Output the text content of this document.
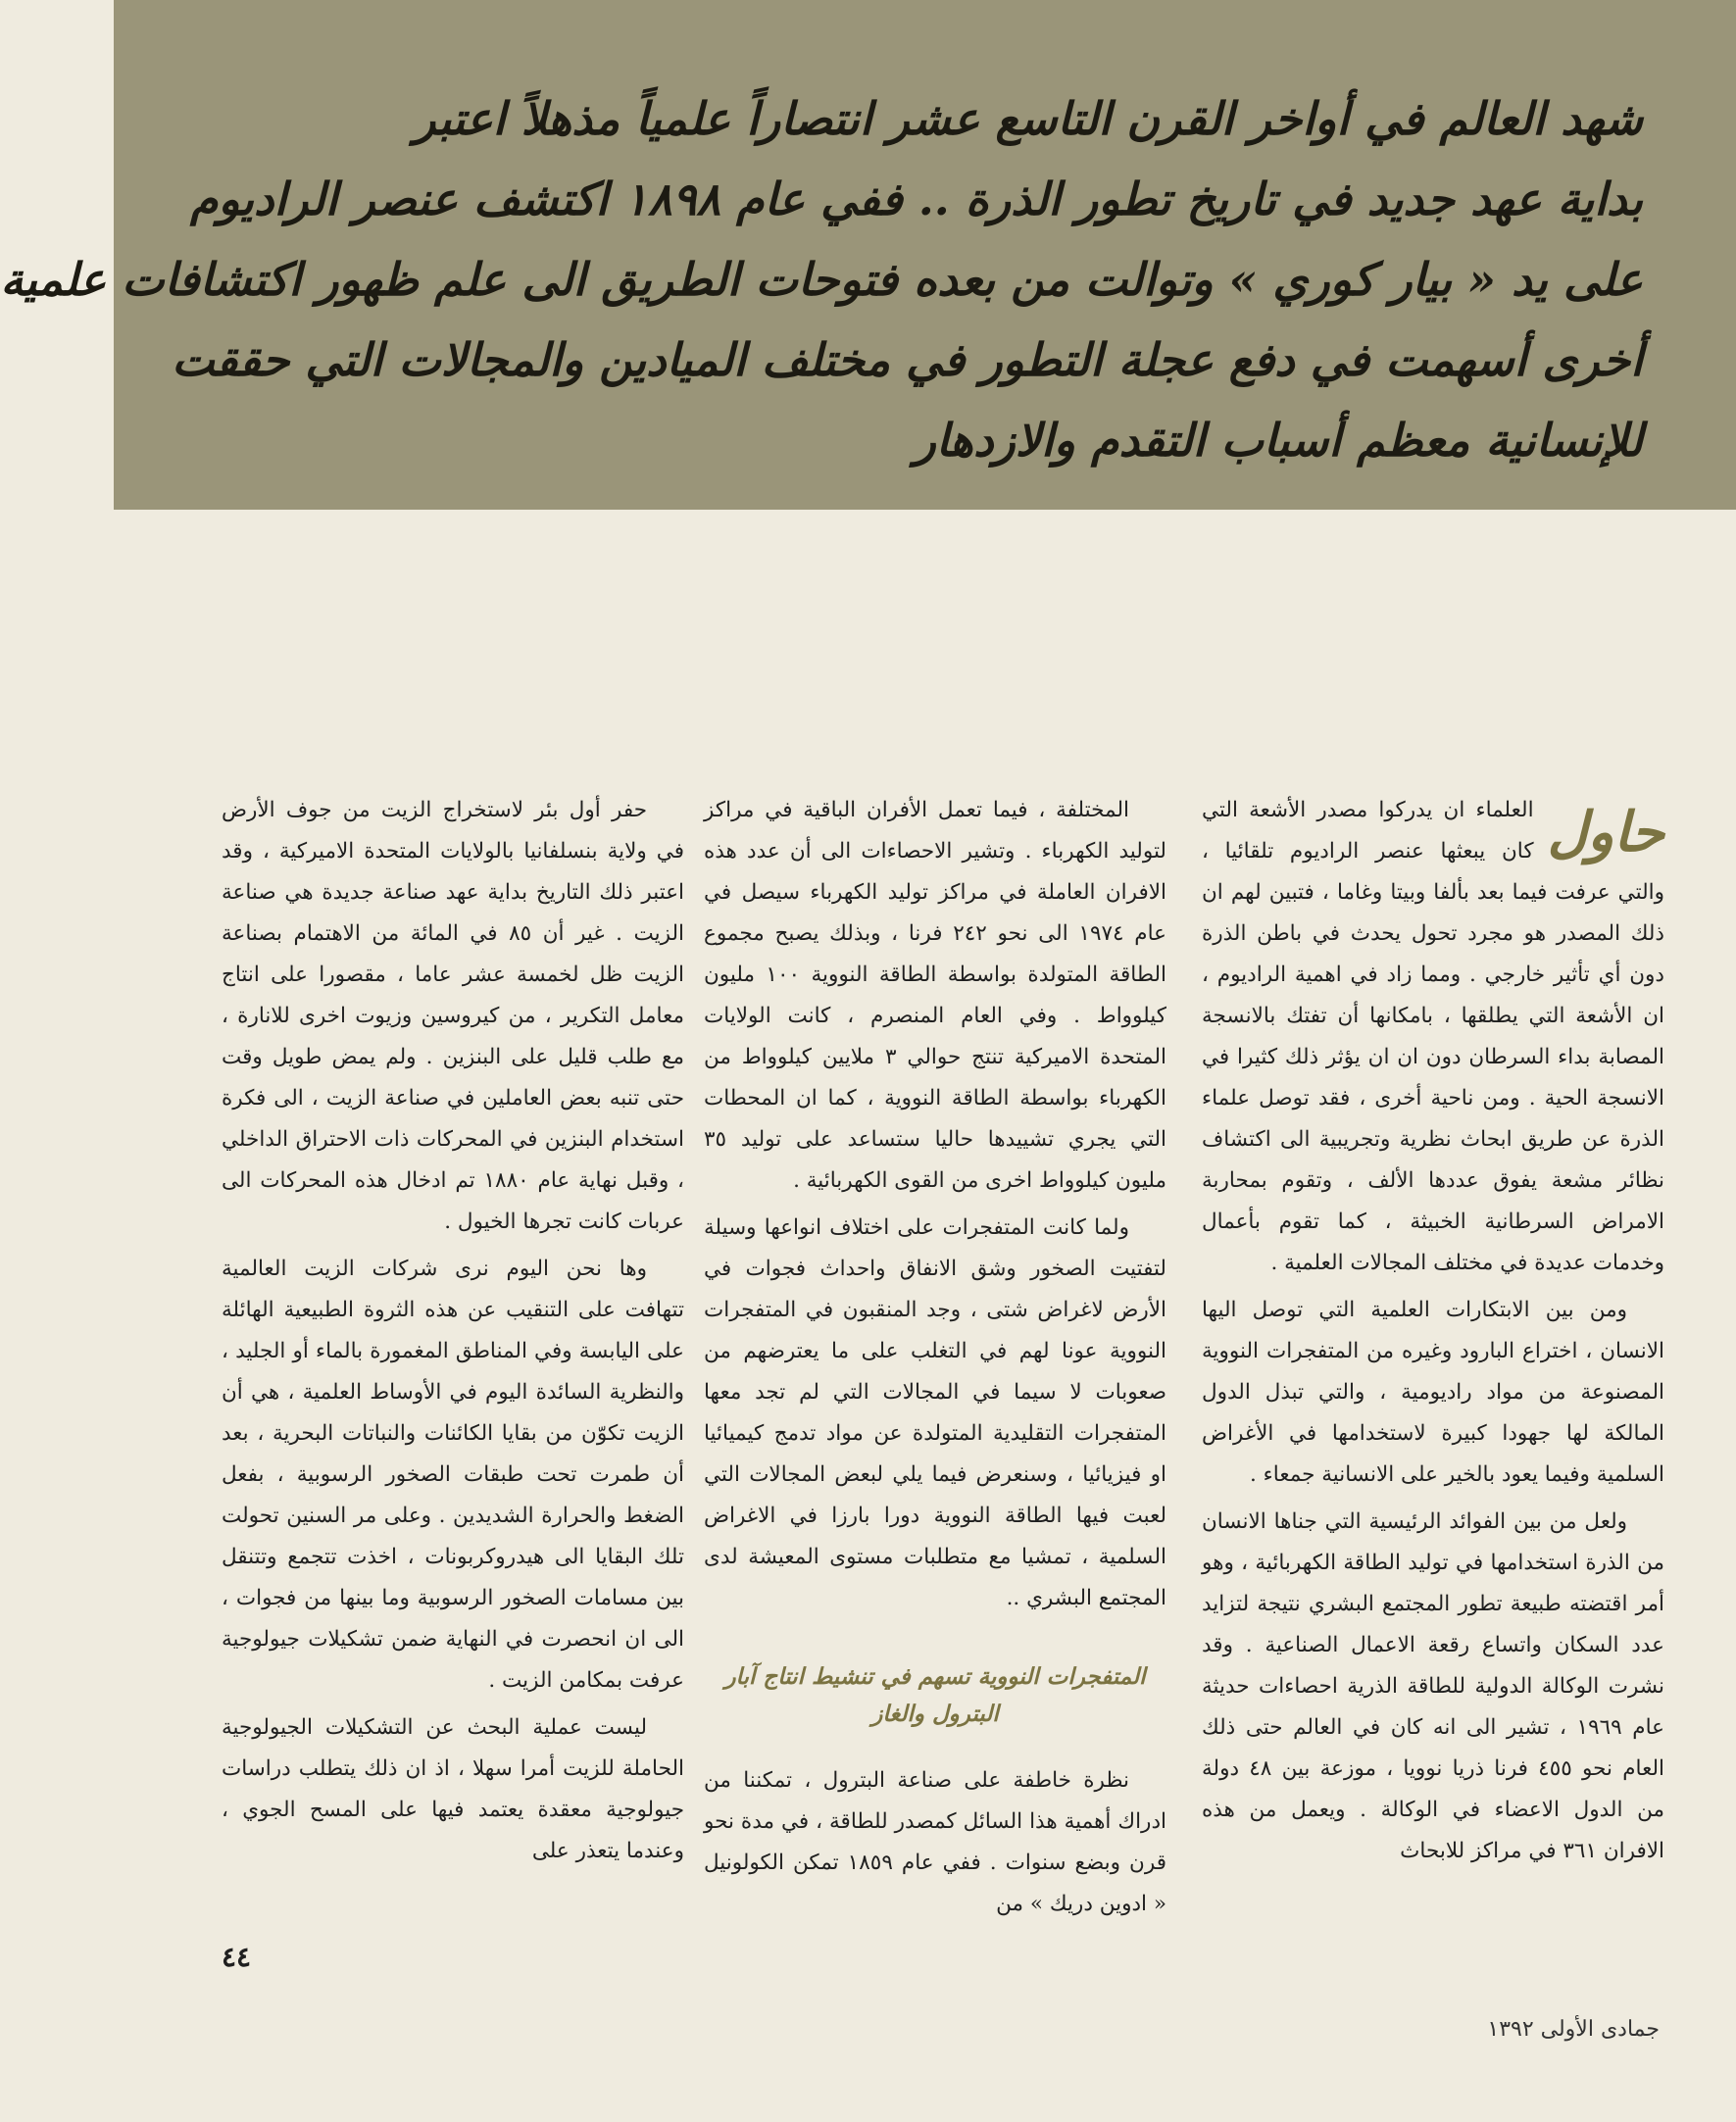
شهد العالم في أواخر القرن التاسع عشر انتصاراً علمياً مذهلاً اعتبر
بداية عهد جديد في تاريخ تطور الذرة .. ففي عام ١٨٩٨ اكتشف عنصر الراديوم
على يد « بيار كوري » وتوالت من بعده فتوحات الطريق الى علم ظهور اكتشافات علمية
أخرى أسهمت في دفع عجلة التطور في مختلف الميادين والمجالات التي حققت
للإنسانية معظم أسباب التقدم والازدهار
حاول

العلماء ان يدركوا مصدر الأشعة التي كان يبعثها عنصر الراديوم تلقائيا ، والتي عرفت فيما بعد بألفا وبيتا وغاما ، فتبين لهم ان ذلك المصدر هو مجرد تحول يحدث في باطن الذرة دون أي تأثير خارجي . ومما زاد في اهمية الراديوم ، ان الأشعة التي يطلقها ، بامكانها أن تفتك بالانسجة المصابة بداء السرطان دون ان ان يؤثر ذلك كثيرا في الانسجة الحية . ومن ناحية أخرى ، فقد توصل علماء الذرة عن طريق ابحاث نظرية وتجريبية الى اكتشاف نظائر مشعة يفوق عددها الألف ، وتقوم بمحاربة الامراض السرطانية الخبيثة ، كما تقوم بأعمال وخدمات عديدة في مختلف المجالات العلمية .

ومن بين الابتكارات العلمية التي توصل اليها الانسان ، اختراع البارود وغيره من المتفجرات النووية المصنوعة من مواد راديومية ، والتي تبذل الدول المالكة لها جهودا كبيرة لاستخدامها في الأغراض السلمية وفيما يعود بالخير على الانسانية جمعاء .

ولعل من بين الفوائد الرئيسية التي جناها الانسان من الذرة استخدامها في توليد الطاقة الكهربائية ، وهو أمر اقتضته طبيعة تطور المجتمع البشري نتيجة لتزايد عدد السكان واتساع رقعة الاعمال الصناعية . وقد نشرت الوكالة الدولية للطاقة الذرية احصاءات حديثة عام ١٩٦٩ ، تشير الى انه كان في العالم حتى ذلك العام نحو ٤٥٥ فرنا ذريا نوويا ، موزعة بين ٤٨ دولة من الدول الاعضاء في الوكالة . ويعمل من هذه الافران ٣٦١ في مراكز للابحاث

المختلفة ، فيما تعمل الأفران الباقية في مراكز لتوليد الكهرباء . وتشير الاحصاءات الى أن عدد هذه الافران العاملة في مراكز توليد الكهرباء سيصل في عام ١٩٧٤ الى نحو ٢٤٢ فرنا ، وبذلك يصبح مجموع الطاقة المتولدة بواسطة الطاقة النووية ١٠٠ مليون كيلوواط . وفي العام المنصرم ، كانت الولايات المتحدة الاميركية تنتج حوالي ٣ ملايين كيلوواط من الكهرباء بواسطة الطاقة النووية ، كما ان المحطات التي يجري تشييدها حاليا ستساعد على توليد ٣٥ مليون كيلوواط اخرى من القوى الكهربائية .

ولما كانت المتفجرات على اختلاف انواعها وسيلة لتفتيت الصخور وشق الانفاق واحداث فجوات في الأرض لاغراض شتى ، وجد المنقبون في المتفجرات النووية عونا لهم في التغلب على ما يعترضهم من صعوبات لا سيما في المجالات التي لم تجد معها المتفجرات التقليدية المتولدة عن مواد تدمج كيميائيا او فيزيائيا ، وسنعرض فيما يلي لبعض المجالات التي لعبت فيها الطاقة النووية دورا بارزا في الاغراض السلمية ، تمشيا مع متطلبات مستوى المعيشة لدى المجتمع البشري ..

المتفجرات النووية تسهم في تنشيط انتاج آبار البترول والغاز

نظرة خاطفة على صناعة البترول ، تمكننا من ادراك أهمية هذا السائل كمصدر للطاقة ، في مدة نحو قرن وبضع سنوات . ففي عام ١٨٥٩ تمكن الكولونيل « ادوين دريك » من

حفر أول بئر لاستخراج الزيت من جوف الأرض في ولاية بنسلفانيا بالولايات المتحدة الاميركية ، وقد اعتبر ذلك التاريخ بداية عهد صناعة جديدة هي صناعة الزيت . غير أن ٨٥ في المائة من الاهتمام بصناعة الزيت ظل لخمسة عشر عاما ، مقصورا على انتاج معامل التكرير ، من كيروسين وزيوت اخرى للانارة ، مع طلب قليل على البنزين . ولم يمض طويل وقت حتى تنبه بعض العاملين في صناعة الزيت ، الى فكرة استخدام البنزين في المحركات ذات الاحتراق الداخلي ، وقبل نهاية عام ١٨٨٠ تم ادخال هذه المحركات الى عربات كانت تجرها الخيول .

وها نحن اليوم نرى شركات الزيت العالمية تتهافت على التنقيب عن هذه الثروة الطبيعية الهائلة على اليابسة وفي المناطق المغمورة بالماء أو الجليد ، والنظرية السائدة اليوم في الأوساط العلمية ، هي أن الزيت تكوّن من بقايا الكائنات والنباتات البحرية ، بعد أن طمرت تحت طبقات الصخور الرسوبية ، بفعل الضغط والحرارة الشديدين . وعلى مر السنين تحولت تلك البقايا الى هيدروكربونات ، اخذت تتجمع وتتنقل بين مسامات الصخور الرسوبية وما بينها من فجوات ، الى ان انحصرت في النهاية ضمن تشكيلات جيولوجية عرفت بمكامن الزيت .

ليست عملية البحث عن التشكيلات الجيولوجية الحاملة للزيت أمرا سهلا ، اذ ان ذلك يتطلب دراسات جيولوجية معقدة يعتمد فيها على المسح الجوي ، وعندما يتعذر على

٤٤
جمادى الأولى ١٣٩٢
